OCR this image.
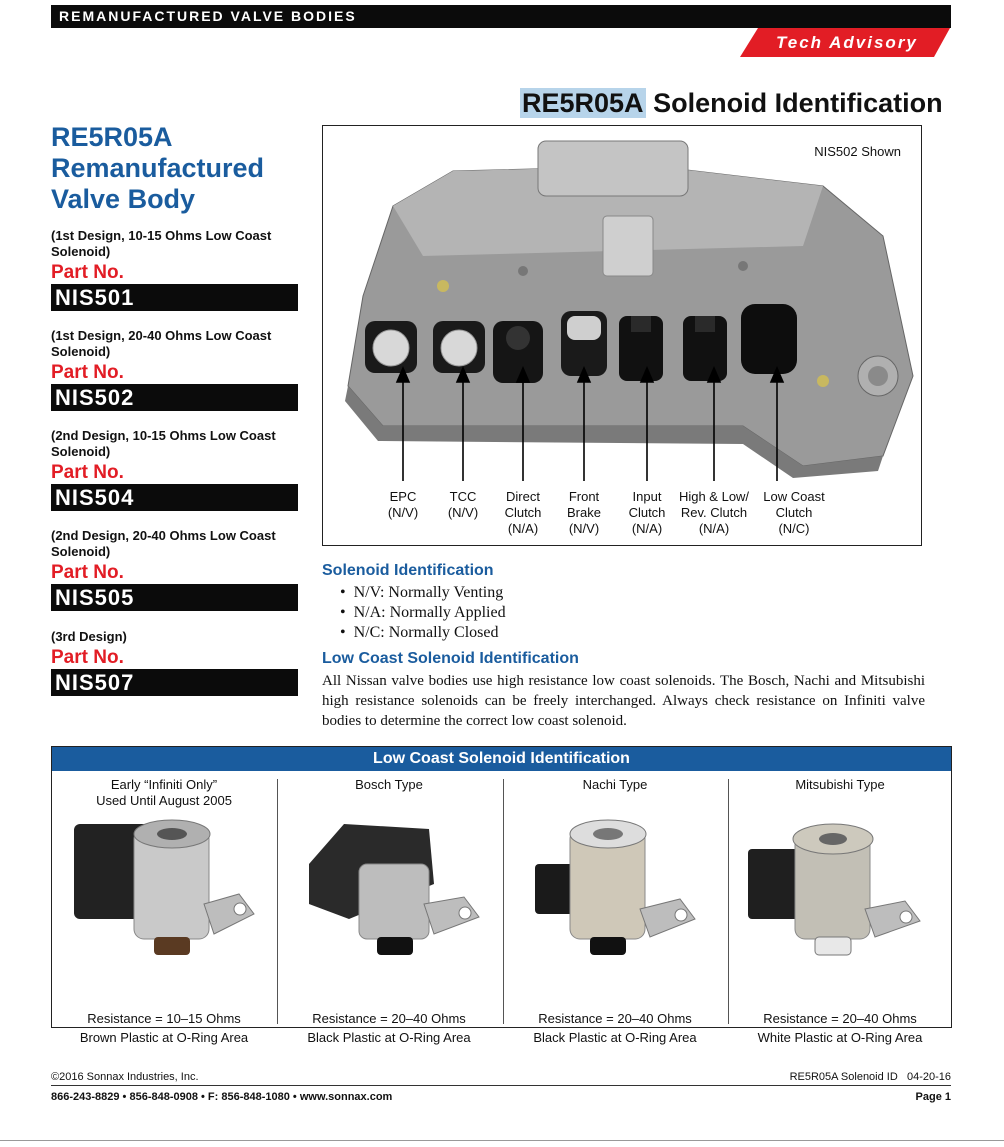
REMANUFACTURED VALVE BODIES
Tech Advisory
RE5R05A Solenoid Identification
RE5R05A
Remanufactured
Valve Body
(1st Design, 10-15 Ohms Low Coast Solenoid)
Part No.
NIS501
(1st Design, 20-40 Ohms Low Coast Solenoid)
Part No.
NIS502
(2nd Design, 10-15 Ohms Low Coast Solenoid)
Part No.
NIS504
(2nd Design, 20-40 Ohms Low Coast Solenoid)
Part No.
NIS505
(3rd Design)
Part No.
NIS507
NIS502 Shown
EPC
(N/V)
TCC
(N/V)
Direct
Clutch
(N/A)
Front
Brake
(N/V)
Input
Clutch
(N/A)
High & Low/
Rev. Clutch
(N/A)
Low Coast
Clutch
(N/C)
Solenoid Identification
• N/V: Normally Venting
• N/A: Normally Applied
• N/C: Normally Closed
Low Coast Solenoid Identification
All Nissan valve bodies use high resistance low coast solenoids. The Bosch, Nachi and Mitsubishi high resistance solenoids can be freely interchanged. Always check resistance on Infiniti valve bodies to determine the correct low coast solenoid.
Low Coast Solenoid Identification
Early “Infiniti Only”
Used Until August 2005
Resistance = 10–15 Ohms
Brown Plastic at O-Ring Area
Bosch Type
Resistance = 20–40 Ohms
Black Plastic at O-Ring Area
Nachi Type
Resistance = 20–40 Ohms
Black Plastic at O-Ring Area
Mitsubishi Type
Resistance = 20–40 Ohms
White Plastic at O-Ring Area
©2016 Sonnax Industries, Inc.	RE5R05A Solenoid ID   04-20-16
866-243-8829 • 856-848-0908 • F: 856-848-1080 • www.sonnax.com	Page 1
